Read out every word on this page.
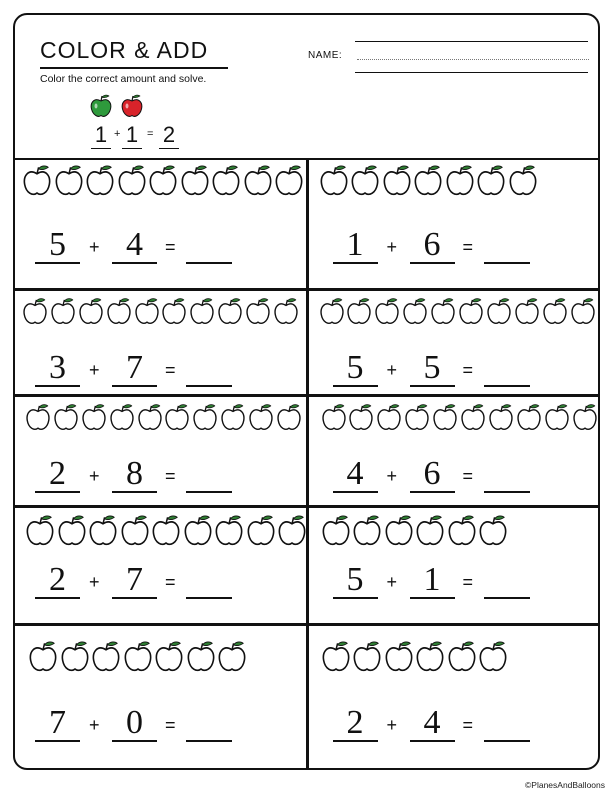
COLOR & ADD
Color the correct amount and solve.
1 + 1 = 2
NAME:
5	+ 4	=	1	+ 6	=
3	+ 7	=	5	+ 5	=
2	+ 8	=	4	+ 6	=
2	+ 7	=	5	+ 1	=
7	+ 0	=	2	+ 4	=
©PlanesAndBalloons
